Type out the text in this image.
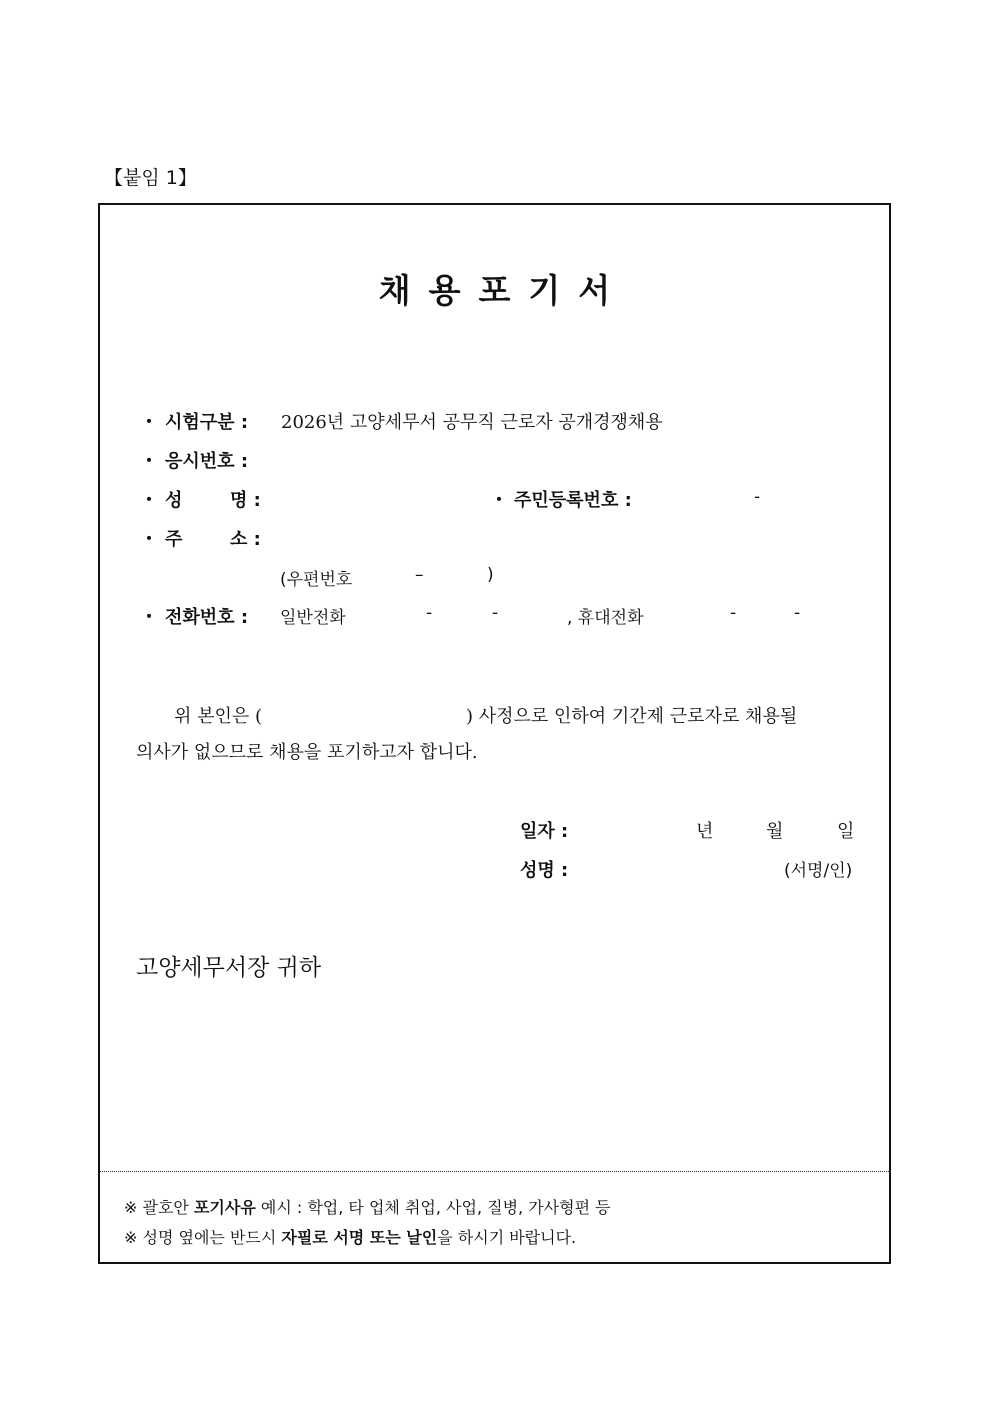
【붙임 1】
채용포기서
・ 시험구분 : 2026년 고양세무서 공무직 근로자 공개경쟁채용
・ 응시번호 :
・ 성	명 :	・ 주민등록번호 :	-
・ 주	소 :
(우편번호	–	)
・ 전화번호 : 일반전화	-	-	, 휴대전화	-	-
위 본인은 (	) 사정으로 인하여 기간제 근로자로 채용될
의사가 없으므로 채용을 포기하고자 합니다.
일자 :	년	월	일
성명 :	(서명/인)
고양세무서장 귀하
※ 괄호안 포기사유 예시 : 학업, 타 업체 취업, 사업, 질병, 가사형편 등
※ 성명 옆에는 반드시 자필로 서명 또는 날인을 하시기 바랍니다.
